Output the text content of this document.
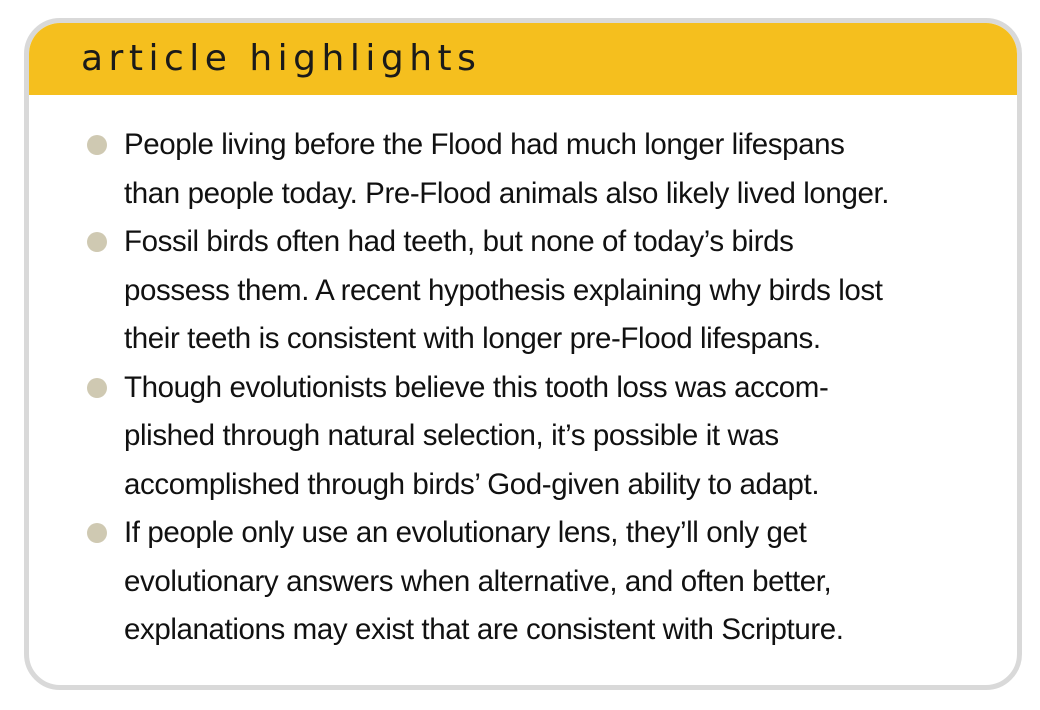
article highlights
People living before the Flood had much longer lifespans
than people today. Pre-Flood animals also likely lived longer.
Fossil birds often had teeth, but none of today’s birds
possess them. A recent hypothesis explaining why birds lost
their teeth is consistent with longer pre-Flood lifespans.
Though evolutionists believe this tooth loss was accom-
plished through natural selection, it’s possible it was
accomplished through birds’ God-given ability to adapt.
If people only use an evolutionary lens, they’ll only get
evolutionary answers when alternative, and often better,
explanations may exist that are consistent with Scripture.
